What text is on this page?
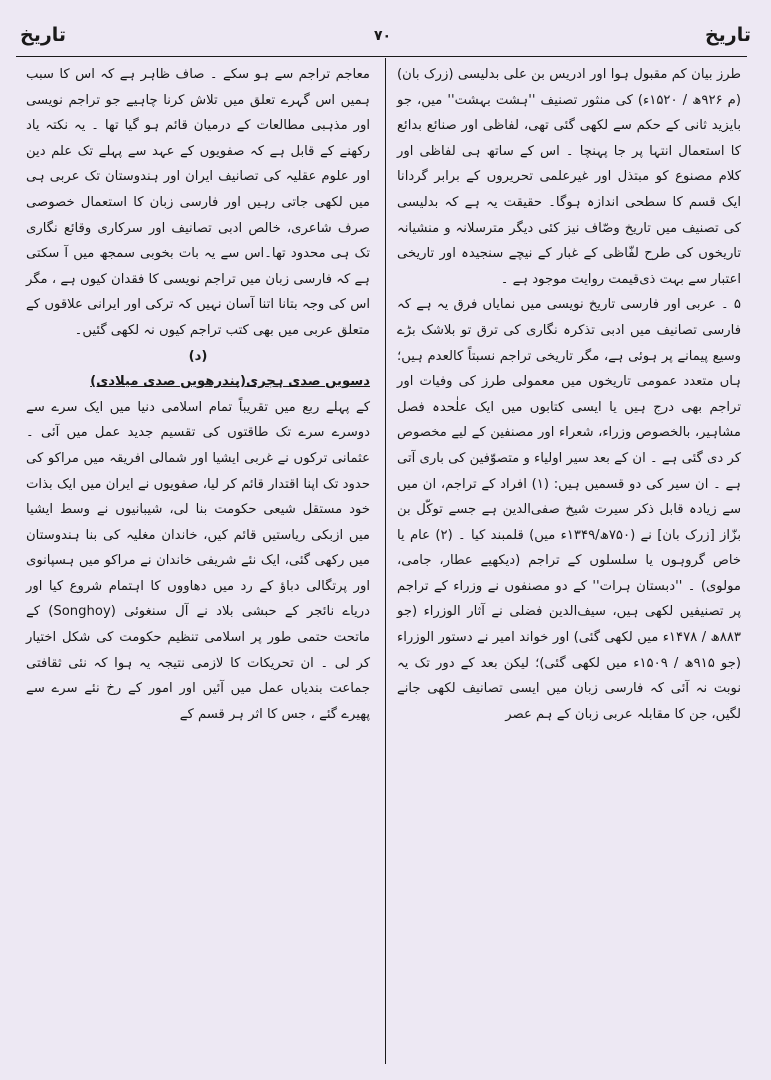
تاریخ
۷۰
تاریخ

طرز بیان کم مقبول ہوا اور ادریس بن علی بدلیسی (زرک بان) (م ۹۲۶ھ / ۱۵۲۰ء) کی منثور تصنیف ''ہشت بہشت'' میں، جو بایزید ثانی کے حکم سے لکھی گئی تھی، لفاظی اور صنائع بدائع کا استعمال انتہا پر جا پہنچا ۔ اس کے ساتھ ہی لفاظی اور کلام مصنوع کو مبتذل اور غیرعلمی تحریروں کے برابر گردانا ایک قسم کا سطحی اندازہ ہوگا۔ حقیقت یہ ہے کہ بدلیسی کی تصنیف میں تاریخ وصّاف نیز کئی دیگر مترسلانہ و منشیانہ تاریخوں کی طرح لفّاظی کے غبار کے نیچے سنجیدہ اور تاریخی اعتبار سے بہت ذی‌قیمت روایت موجود ہے ۔

۵ ۔ عربی اور فارسی تاریخ نویسی میں نمایاں فرق یہ ہے کہ فارسی تصانیف میں ادبی تذکرہ نگاری کی ترق تو بلاشک بڑے وسیع پیمانے پر ہوئی ہے، مگر تاریخی تراجم نسبتاً کالعدم ہیں؛ ہاں متعدد عمومی تاریخوں میں معمولی طرز کی وفیات اور تراجم بھی درج ہیں یا ایسی کتابوں میں ایک علٰحدہ فصل مشاہیر، بالخصوص وزراء، شعراء اور مصنفین کے لیے مخصوص کر دی گئی ہے ۔ ان کے بعد سیر اولیاء و متصوّفین کی باری آتی ہے ۔ ان سیر کی دو قسمیں ہیں: (۱) افراد کے تراجم، ان میں سے زیادہ قابل ذکر سیرت شیخ صفی‌الدین ہے جسے توکّل بن بزّاز [زرک بان] نے (۷۵۰ھ/۱۳۴۹ء میں) قلمبند کیا ۔ (۲) عام یا خاص گروہوں یا سلسلوں کے تراجم (دیکھیے عطار، جامی، مولوی) ۔ ''دبستان ہرات'' کے دو مصنفوں نے وزراء کے تراجم پر تصنیفیں لکھی ہیں، سیف‌الدین فضلی نے آثار الوزراء (جو ۸۸۳ھ / ۱۴۷۸ء میں لکھی گئی) اور خواند امیر نے دستور الوزراء (جو ۹۱۵ھ / ۱۵۰۹ء میں لکھی گئی)؛ لیکن بعد کے دور تک یہ نوبت نہ آئی کہ فارسی زبان میں ایسی تصانیف لکھی جانے لگیں، جن کا مقابلہ عربی زبان کے ہم عصر

معاجم تراجم سے ہو سکے ۔ صاف ظاہر ہے کہ اس کا سبب ہمیں اس گہرے تعلق میں تلاش کرنا چاہیے جو تراجم نویسی اور مذہبی مطالعات کے درمیان قائم ہو گیا تھا ۔ یہ نکتہ یاد رکھنے کے قابل ہے کہ صفویوں کے عہد سے پہلے تک علم دین اور علوم عقلیہ کی تصانیف ایران اور ہندوستان تک عربی ہی میں لکھی جاتی رہیں اور فارسی زبان کا استعمال خصوصی صرف شاعری، خالص ادبی تصانیف اور سرکاری وقائع نگاری تک ہی محدود تھا۔اس سے یہ بات بخوبی سمجھ میں آ سکتی ہے کہ فارسی زبان میں تراجم نویسی کا فقدان کیوں ہے ، مگر اس کی وجہ بتانا اتنا آسان نہیں کہ ترکی اور ایرانی علاقوں کے متعلق عربی میں بھی کتب تراجم کیوں نہ لکھی گئیں۔

(د)

دسویں صدی ہجری(پندرھویں صدی میلادی)

کے پہلے ربع میں تقریباً تمام اسلامی دنیا میں ایک سرے سے دوسرے سرے تک طاقتوں کی تقسیم جدید عمل میں آئی ۔ عثمانی ترکوں نے غربی ایشیا اور شمالی افریقہ میں مراکو کی حدود تک اپنا اقتدار قائم کر لیا، صفویوں نے ایران میں ایک بذات خود مستقل شیعی حکومت بنا لی، شیبانیوں نے وسط ایشیا میں ازبکی ریاستیں قائم کیں، خاندان مغلیہ کی بنا ہندوستان میں رکھی گئی، ایک نئے شریفی خاندان نے مراکو میں ہسپانوی اور پرتگالی دباؤ کے رد میں دھاووں کا اہتمام شروع کیا اور دریاے نائجر کے حبشی بلاد نے آل سنغوئی (Songhoy) کے ماتحت حتمی طور پر اسلامی تنظیم حکومت کی شکل اختیار کر لی ۔ ان تحریکات کا لازمی نتیجہ یہ ہوا کہ نئی ثقافتی جماعت بندیاں عمل میں آئیں اور امور کے رخ نئے سرے سے پھیرے گئے ، جس کا اثر ہر قسم کے
